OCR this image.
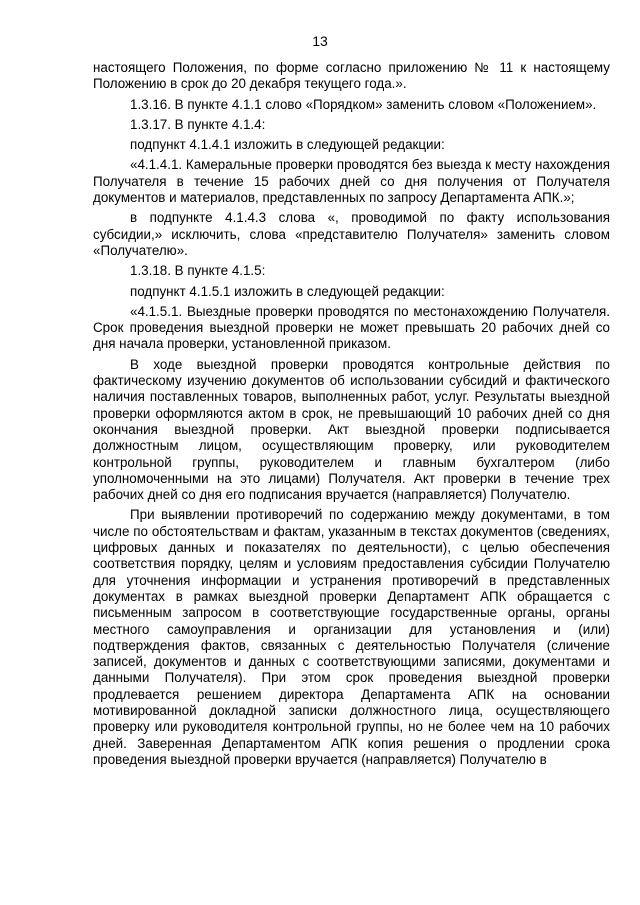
13

настоящего Положения, по форме согласно приложению № 11 к настоящему Положению в срок до 20 декабря текущего года.».

1.3.16. В пункте 4.1.1 слово «Порядком» заменить словом «Положением».

1.3.17. В пункте 4.1.4:

подпункт 4.1.4.1 изложить в следующей редакции:

«4.1.4.1. Камеральные проверки проводятся без выезда к месту нахождения Получателя в течение 15 рабочих дней со дня получения от Получателя документов и материалов, представленных по запросу Департамента АПК.»;

в подпункте 4.1.4.3 слова «, проводимой по факту использования субсидии,» исключить, слова «представителю Получателя» заменить словом «Получателю».

1.3.18. В пункте 4.1.5:

подпункт 4.1.5.1 изложить в следующей редакции:

«4.1.5.1. Выездные проверки проводятся по местонахождению Получателя. Срок проведения выездной проверки не может превышать 20 рабочих дней со дня начала проверки, установленной приказом.

В ходе выездной проверки проводятся контрольные действия по фактическому изучению документов об использовании субсидий и фактического наличия поставленных товаров, выполненных работ, услуг. Результаты выездной проверки оформляются актом в срок, не превышающий 10 рабочих дней со дня окончания выездной проверки. Акт выездной проверки подписывается должностным лицом, осуществляющим проверку, или руководителем контрольной группы, руководителем и главным бухгалтером (либо уполномоченными на это лицами) Получателя. Акт проверки в течение трех рабочих дней со дня его подписания вручается (направляется) Получателю.

При выявлении противоречий по содержанию между документами, в том числе по обстоятельствам и фактам, указанным в текстах документов (сведениях, цифровых данных и показателях по деятельности), с целью обеспечения соответствия порядку, целям и условиям предоставления субсидии Получателю для уточнения информации и устранения противоречий в представленных документах в рамках выездной проверки Департамент АПК обращается с письменным запросом в соответствующие государственные органы, органы местного самоуправления и организации для установления и (или) подтверждения фактов, связанных с деятельностью Получателя (сличение записей, документов и данных с соответствующими записями, документами и данными Получателя). При этом срок проведения выездной проверки продлевается решением директора Департамента АПК на основании мотивированной докладной записки должностного лица, осуществляющего проверку или руководителя контрольной группы, но не более чем на 10 рабочих дней. Заверенная Департаментом АПК копия решения о продлении срока проведения выездной проверки вручается (направляется) Получателю в
